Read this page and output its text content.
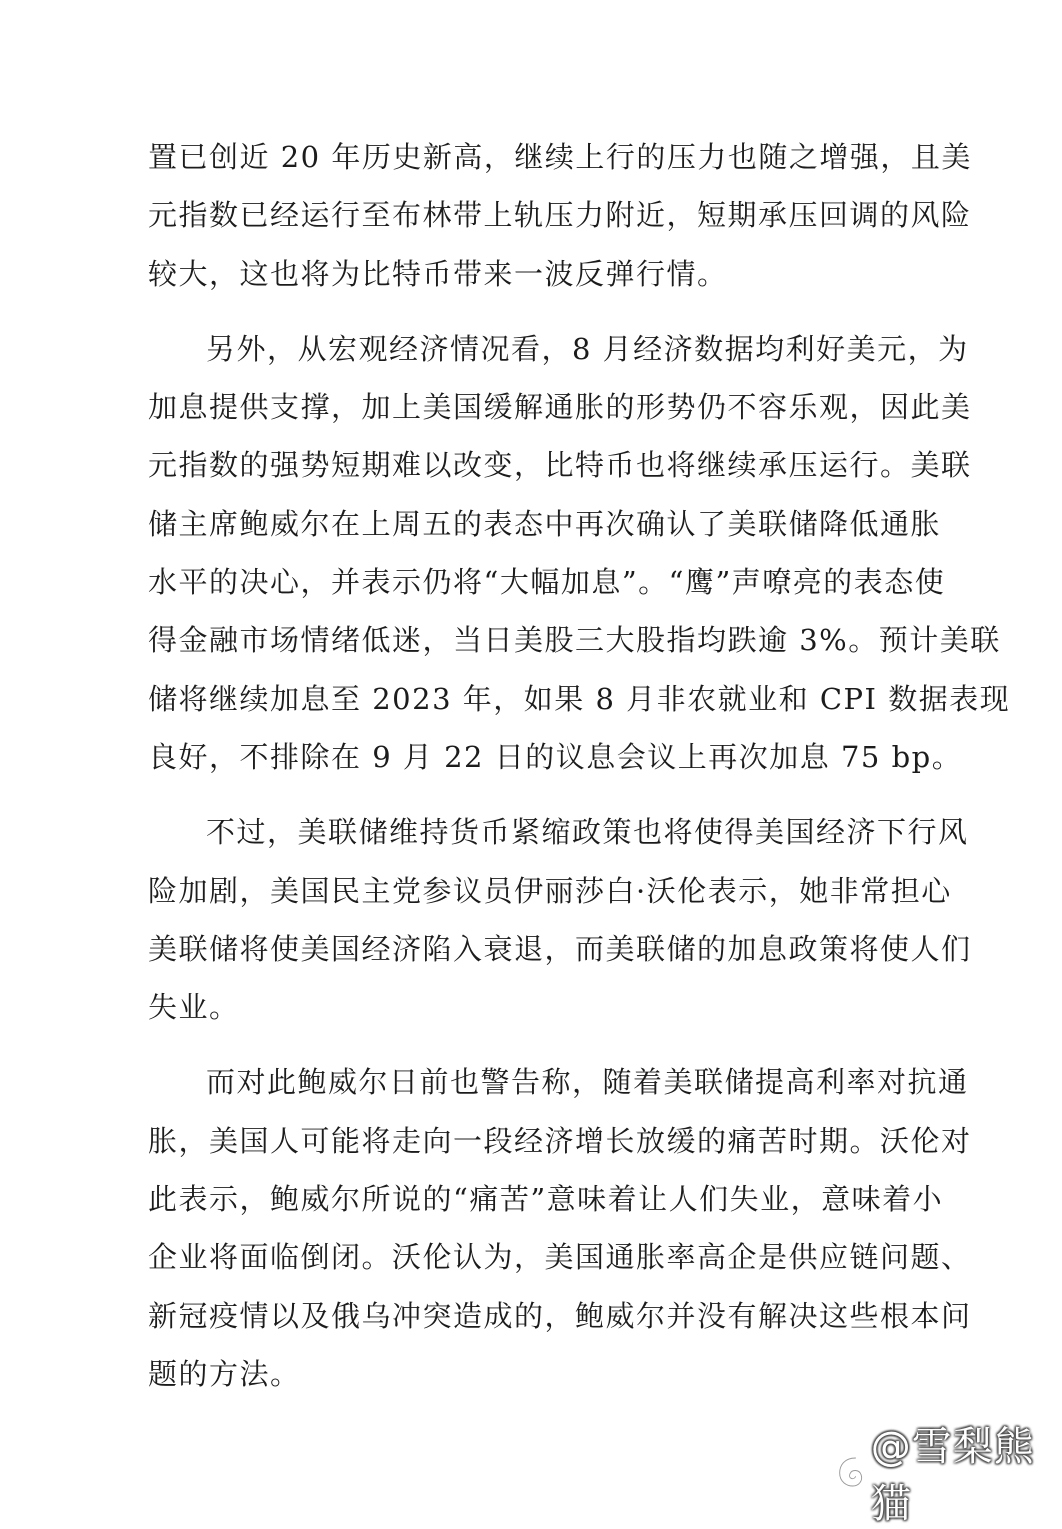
置已创近 20 年历史新高，继续上行的压力也随之增强，且美
元指数已经运行至布林带上轨压力附近，短期承压回调的风险
较大，这也将为比特币带来一波反弹行情。

另外，从宏观经济情况看，8 月经济数据均利好美元，为
加息提供支撑，加上美国缓解通胀的形势仍不容乐观，因此美
元指数的强势短期难以改变，比特币也将继续承压运行。美联
储主席鲍威尔在上周五的表态中再次确认了美联储降低通胀
水平的决心，并表示仍将“大幅加息”。“鹰”声嘹亮的表态使
得金融市场情绪低迷，当日美股三大股指均跌逾 3%。预计美联
储将继续加息至 2023 年，如果 8 月非农就业和 CPI 数据表现
良好，不排除在 9 月 22 日的议息会议上再次加息 75 bp。

不过，美联储维持货币紧缩政策也将使得美国经济下行风
险加剧，美国民主党参议员伊丽莎白·沃伦表示，她非常担心
美联储将使美国经济陷入衰退，而美联储的加息政策将使人们
失业。

而对此鲍威尔日前也警告称，随着美联储提高利率对抗通
胀，美国人可能将走向一段经济增长放缓的痛苦时期。沃伦对
此表示，鲍威尔所说的“痛苦”意味着让人们失业，意味着小
企业将面临倒闭。沃伦认为，美国通胀率高企是供应链问题、
新冠疫情以及俄乌冲突造成的，鲍威尔并没有解决这些根本问
题的方法。

@雪梨熊猫
